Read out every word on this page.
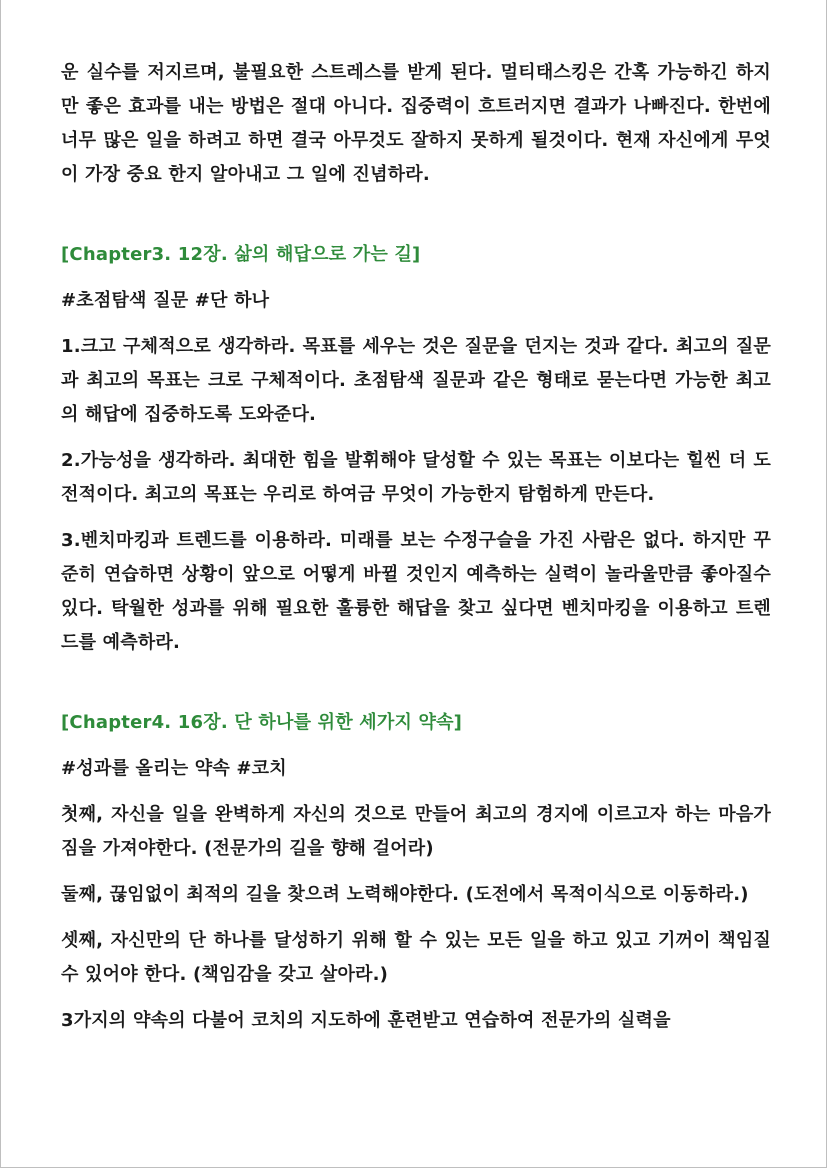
운 실수를 저지르며, 불필요한 스트레스를 받게 된다. 멀티태스킹은 간혹 가능하긴 하지만 좋은 효과를 내는 방법은 절대 아니다. 집중력이 흐트러지면 결과가 나빠진다. 한번에 너무 많은 일을 하려고 하면 결국 아무것도 잘하지 못하게 될것이다. 현재 자신에게 무엇이 가장 중요 한지 알아내고 그 일에 진념하라.

[Chapter3. 12장. 삶의 해답으로 가는 길]

#초점탐색 질문 #단 하나

1.크고 구체적으로 생각하라. 목표를 세우는 것은 질문을 던지는 것과 같다. 최고의 질문과 최고의 목표는 크로 구체적이다. 초점탐색 질문과 같은 형태로 묻는다면 가능한 최고의 해답에 집중하도록 도와준다.

2.가능성을 생각하라. 최대한 힘을 발휘해야 달성할 수 있는 목표는 이보다는 힐씬 더 도전적이다. 최고의 목표는 우리로 하여금 무엇이 가능한지 탐험하게 만든다.

3.벤치마킹과 트렌드를 이용하라. 미래를 보는 수정구슬을 가진 사람은 없다. 하지만 꾸준히 연습하면 상황이 앞으로 어떻게 바뀔 것인지 예측하는 실력이 놀라울만큼 좋아질수 있다. 탁월한 성과를 위해 필요한 훌륭한 해답을 찾고 싶다면 벤치마킹을 이용하고 트렌드를 예측하라.

[Chapter4. 16장. 단 하나를 위한 세가지 약속]

#성과를 올리는 약속 #코치

첫째, 자신을 일을 완벽하게 자신의 것으로 만들어 최고의 경지에 이르고자 하는 마음가짐을 가져야한다. (전문가의 길을 향해 걸어라)

둘째, 끊임없이 최적의 길을 찾으려 노력해야한다. (도전에서 목적이식으로 이동하라.)

셋째, 자신만의 단 하나를 달성하기 위해 할 수 있는 모든 일을 하고 있고 기꺼이 책임질 수 있어야 한다. (책임감을 갖고 살아라.)

3가지의 약속의 다불어 코치의 지도하에 훈련받고 연습하여 전문가의 실력을
